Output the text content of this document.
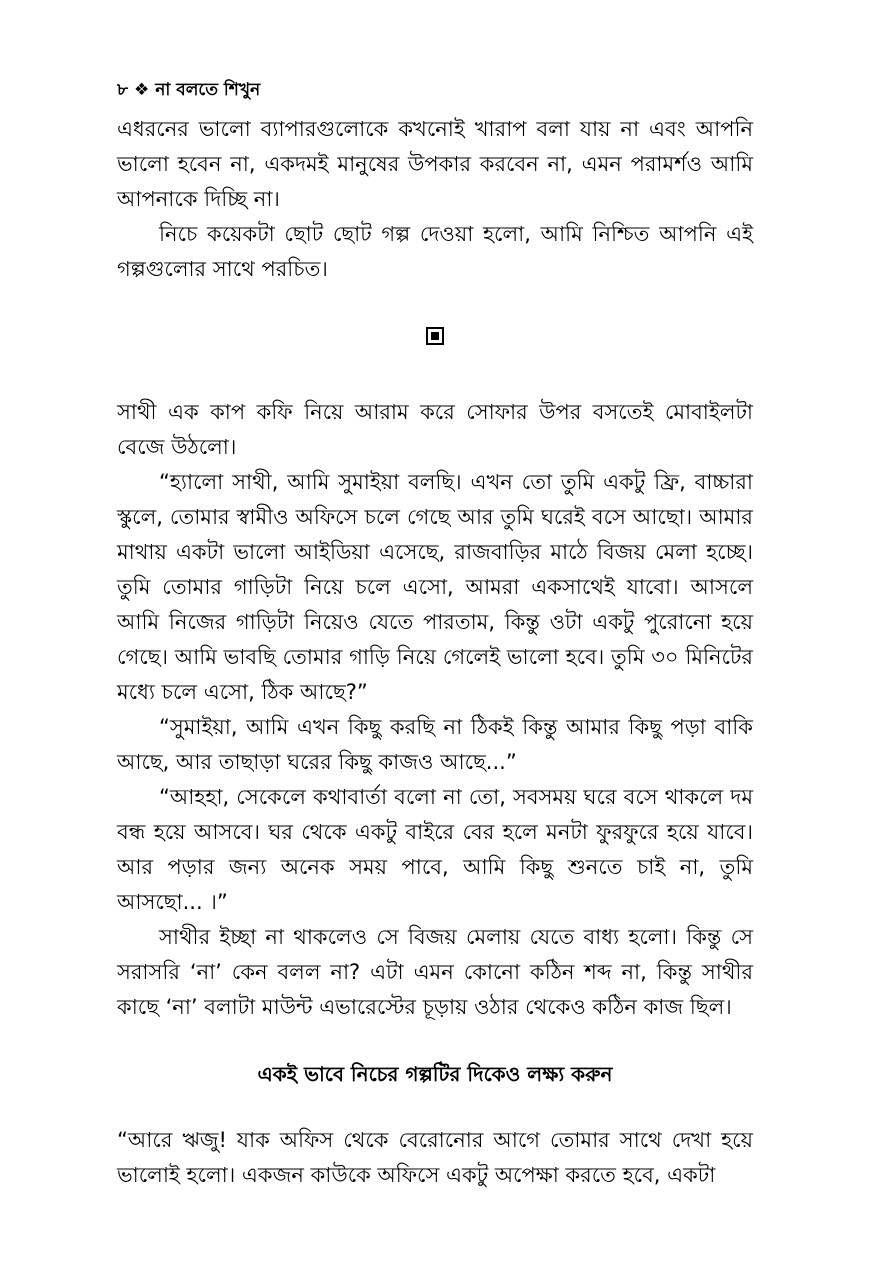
৮ ❖ না বলতে শিখুন

এধরনের ভালো ব্যাপারগুলোকে কখনোই খারাপ বলা যায় না এবং আপনি ভালো হবেন না, একদমই মানুষের উপকার করবেন না, এমন পরামর্শও আমি আপনাকে দিচ্ছি না।

নিচে কয়েকটা ছোট ছোট গল্প দেওয়া হলো, আমি নিশ্চিত আপনি এই গল্পগুলোর সাথে পরচিত।

সাথী এক কাপ কফি নিয়ে আরাম করে সোফার উপর বসতেই মোবাইলটা বেজে উঠলো।

“হ্যালো সাথী, আমি সুমাইয়া বলছি। এখন তো তুমি একটু ফ্রি, বাচ্চারা স্কুলে, তোমার স্বামীও অফিসে চলে গেছে আর তুমি ঘরেই বসে আছো। আমার মাথায় একটা ভালো আইডিয়া এসেছে, রাজবাড়ির মাঠে বিজয় মেলা হচ্ছে। তুমি তোমার গাড়িটা নিয়ে চলে এসো, আমরা একসাথেই যাবো। আসলে আমি নিজের গাড়িটা নিয়েও যেতে পারতাম, কিন্তু ওটা একটু পুরোনো হয়ে গেছে। আমি ভাবছি তোমার গাড়ি নিয়ে গেলেই ভালো হবে। তুমি ৩০ মিনিটের মধ্যে চলে এসো, ঠিক আছে?”

“সুমাইয়া, আমি এখন কিছু করছি না ঠিকই কিন্তু আমার কিছু পড়া বাকি আছে, আর তাছাড়া ঘরের কিছু কাজও আছে...”

“আহহা, সেকেলে কথাবার্তা বলো না তো, সবসময় ঘরে বসে থাকলে দম বন্ধ হয়ে আসবে। ঘর থেকে একটু বাইরে বের হলে মনটা ফুরফুরে হয়ে যাবে। আর পড়ার জন্য অনেক সময় পাবে, আমি কিছু শুনতে চাই না, তুমি আসছো... ।”

সাথীর ইচ্ছা না থাকলেও সে বিজয় মেলায় যেতে বাধ্য হলো। কিন্তু সে সরাসরি ‘না’ কেন বলল না? এটা এমন কোনো কঠিন শব্দ না, কিন্তু সাথীর কাছে ‘না’ বলাটা মাউন্ট এভারেস্টের চূড়ায় ওঠার থেকেও কঠিন কাজ ছিল।

একই ভাবে নিচের গল্পটির দিকেও লক্ষ্য করুন

“আরে ঋজু! যাক অফিস থেকে বেরোনোর আগে তোমার সাথে দেখা হয়ে ভালোই হলো। একজন কাউকে অফিসে একটু অপেক্ষা করতে হবে, একটা
